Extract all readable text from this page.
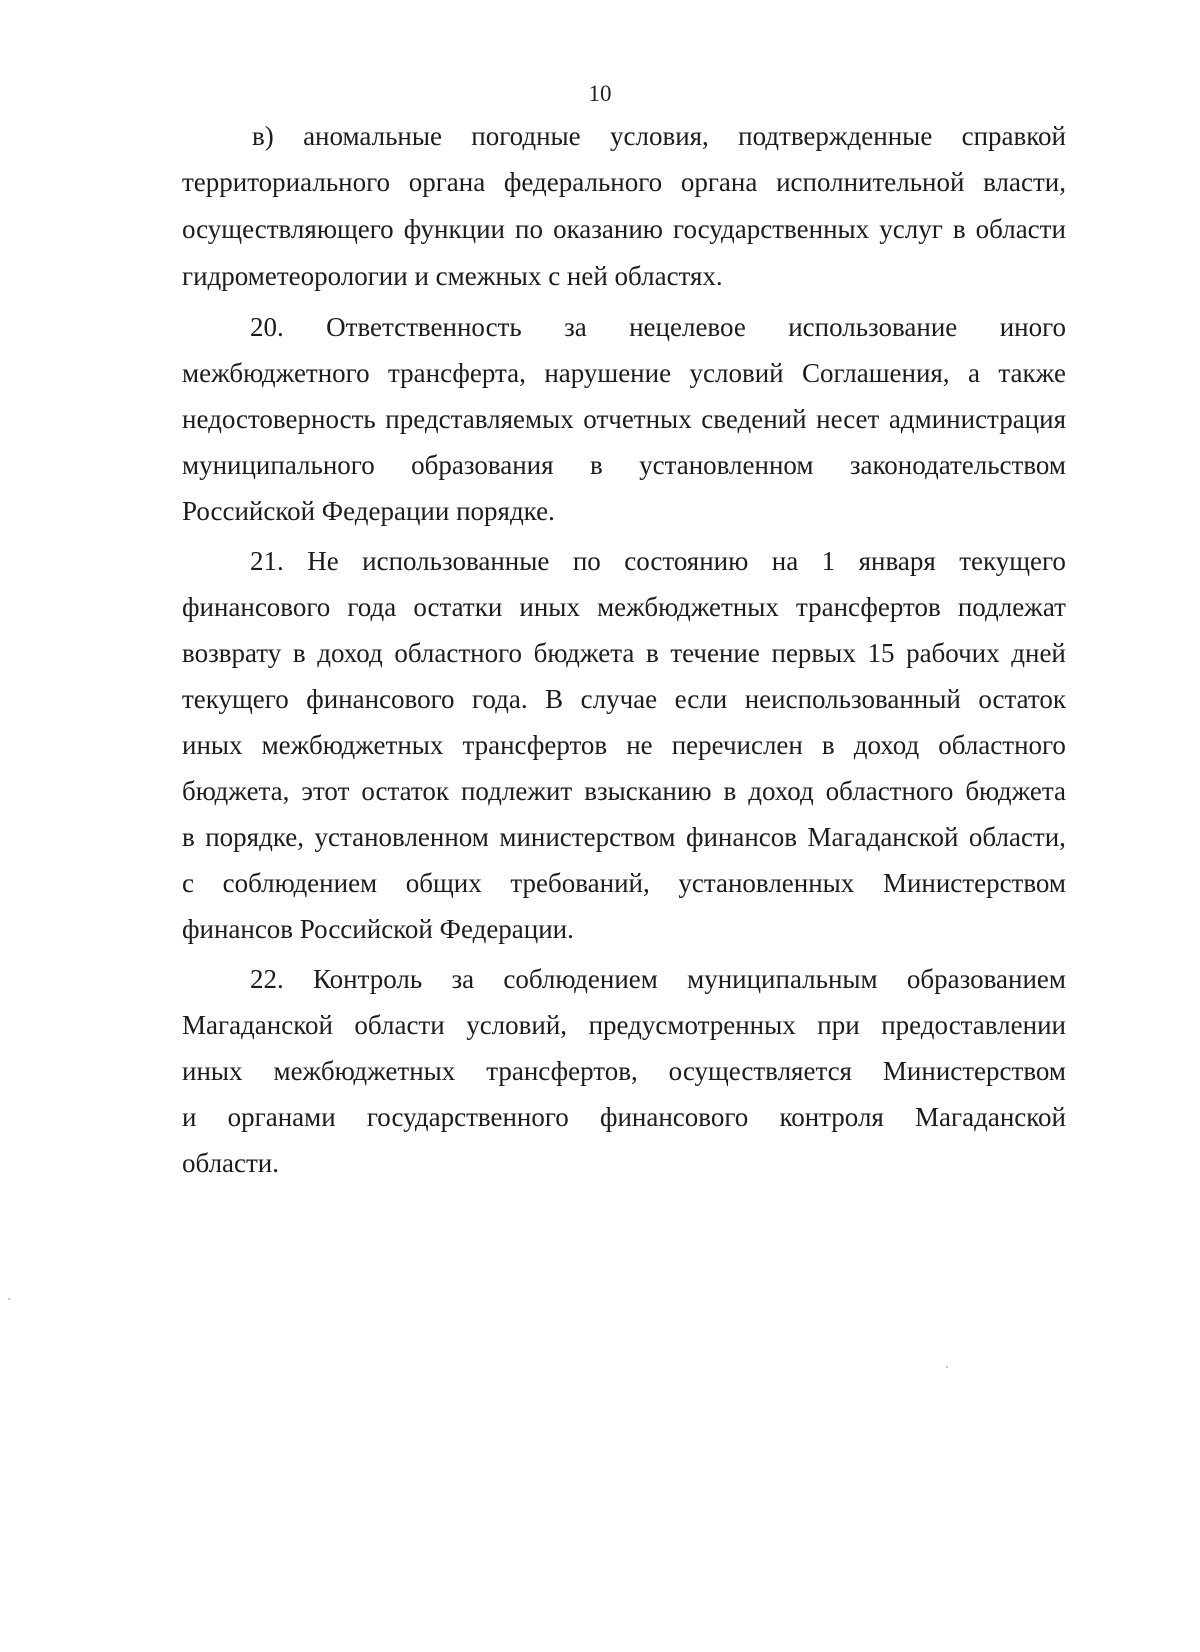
10
в) аномальные погодные условия, подтвержденные справкой
территориального органа федерального органа исполнительной власти,
осуществляющего функции по оказанию государственных услуг в области
гидрометеорологии и смежных с ней областях.
20. Ответственность за нецелевое использование иного
межбюджетного трансферта, нарушение условий Соглашения, а также
недостоверность представляемых отчетных сведений несет администрация
муниципального образования в установленном законодательством
Российской Федерации порядке.
21. Не использованные по состоянию на 1 января текущего
финансового года остатки иных межбюджетных трансфертов подлежат
возврату в доход областного бюджета в течение первых 15 рабочих дней
текущего финансового года. В случае если неиспользованный остаток
иных межбюджетных трансфертов не перечислен в доход областного
бюджета, этот остаток подлежит взысканию в доход областного бюджета
в порядке, установленном министерством финансов Магаданской области,
с соблюдением общих требований, установленных Министерством
финансов Российской Федерации.
22. Контроль за соблюдением муниципальным образованием
Магаданской области условий, предусмотренных при предоставлении
иных межбюджетных трансфертов, осуществляется Министерством
и органами государственного финансового контроля Магаданской
области.
